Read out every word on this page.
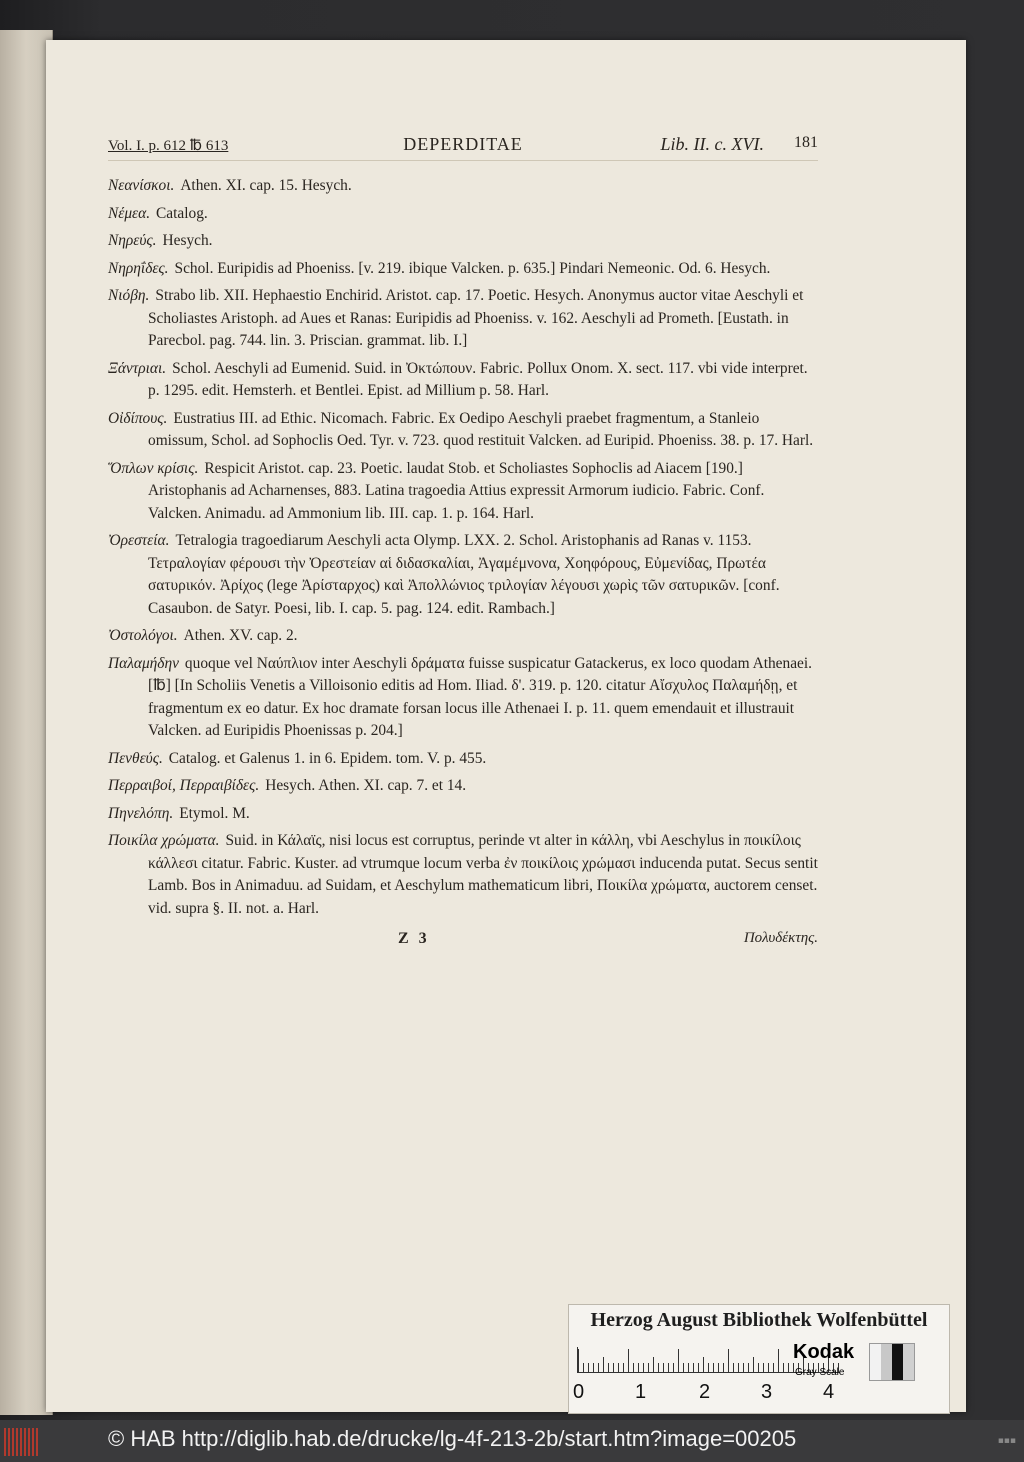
Vol. I. p. 612 ℔ 613	DEPERDITAE	Lib. II. c. XVI. 181

Νεανίσκοι. Athen. XI. cap. 15. Hesych.

Νέμεα. Catalog.

Νηρεύς. Hesych.

Νηρηΐδες. Schol. Euripidis ad Phoeniss. [v. 219. ibique Valcken. p. 635.] Pindari Nemeonic. Od. 6. Hesych.

Νιόβη. Strabo lib. XII. Hephaestio Enchirid. Aristot. cap. 17. Poetic. Hesych. Anonymus auctor vitae Aeschyli et Scholiastes Aristoph. ad Aues et Ranas: Euripidis ad Phoeniss. v. 162. Aeschyli ad Prometh. [Eustath. in Parecbol. pag. 744. lin. 3. Priscian. grammat. lib. I.]

Ξάντριαι. Schol. Aeschyli ad Eumenid. Suid. in Ὀκτώπουν. Fabric. Pollux Onom. X. sect. 117. vbi vide interpret. p. 1295. edit. Hemsterh. et Bentlei. Epist. ad Millium p. 58. Harl.

Οἰδίπους. Eustratius III. ad Ethic. Nicomach. Fabric. Ex Oedipo Aeschyli praebet fragmentum, a Stanleio omissum, Schol. ad Sophoclis Oed. Tyr. v. 723. quod restituit Valcken. ad Euripid. Phoeniss. 38. p. 17. Harl.

Ὅπλων κρίσις. Respicit Aristot. cap. 23. Poetic. laudat Stob. et Scholiastes Sophoclis ad Aiacem [190.] Aristophanis ad Acharnenses, 883. Latina tragoedia Attius expressit Armorum iudicio. Fabric. Conf. Valcken. Animadu. ad Ammonium lib. III. cap. 1. p. 164. Harl.

Ὀρεστεία. Tetralogia tragoediarum Aeschyli acta Olymp. LXX. 2. Schol. Aristophanis ad Ranas v. 1153. Τετραλογίαν φέρουσι τὴν Ὀρεστείαν αἱ διδασκαλίαι, Ἀγαμέμνονα, Χοηφόρους, Εὐμενίδας, Πρωτέα σατυρικόν. Ἀρίχος (lege Ἀρίσταρχος) καὶ Ἀπολλώνιος τριλογίαν λέγουσι χωρὶς τῶν σατυρικῶν. [conf. Casaubon. de Satyr. Poesi, lib. I. cap. 5. pag. 124. edit. Rambach.]

Ὀστολόγοι. Athen. XV. cap. 2.

Παλαμήδην quoque vel Ναύπλιον inter Aeschyli δράματα fuisse suspicatur Gatackerus, ex loco quodam Athenaei. [℔] [In Scholiis Venetis a Villoisonio editis ad Hom. Iliad. δ'. 319. p. 120. citatur Αἴσχυλος Παλαμήδῃ, et fragmentum ex eo datur. Ex hoc dramate forsan locus ille Athenaei I. p. 11. quem emendauit et illustrauit Valcken. ad Euripidis Phoenissas p. 204.]

Πενθεύς. Catalog. et Galenus 1. in 6. Epidem. tom. V. p. 455.

Περραιβοί, Περραιβίδες. Hesych. Athen. XI. cap. 7. et 14.

Πηνελόπη. Etymol. M.

Ποικίλα χρώματα. Suid. in Κάλαϊς, nisi locus est corruptus, perinde vt alter in κάλλη, vbi Aeschylus in ποικίλοις κάλλεσι citatur. Fabric. Kuster. ad vtrumque locum verba ἐν ποικίλοις χρώμασι inducenda putat. Secus sentit Lamb. Bos in Animaduu. ad Suidam, et Aeschylum mathematicum libri, Ποικίλα χρώματα, auctorem censet. vid. supra §. II. not. a. Harl.

Z 3	Πολυδέκτης.
Herzog August Bibliothek Wolfenbüttel
Kodak
Gray Scale
0	1	2	3	4
© HAB http://diglib.hab.de/drucke/lg-4f-213-2b/start.htm?image=00205	▪▪▪
